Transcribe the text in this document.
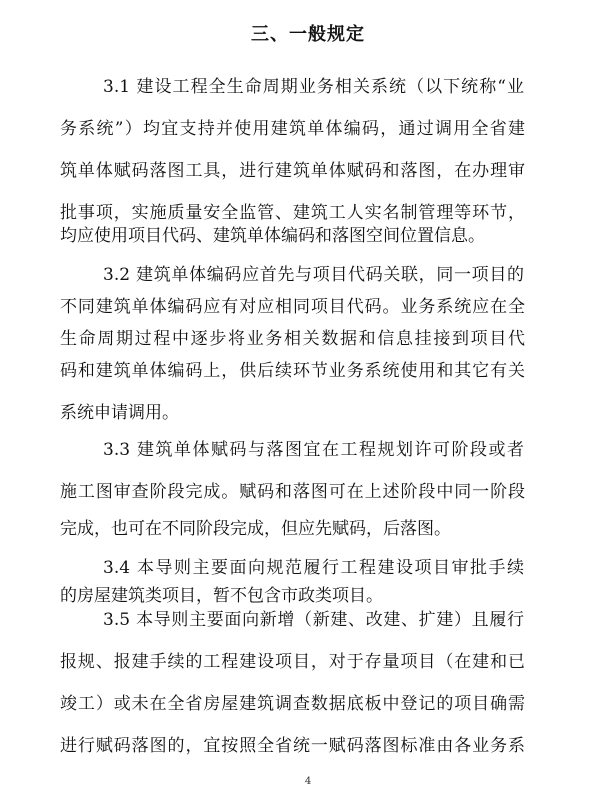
三、一般规定

3.1 建设工程全生命周期业务相关系统（以下统称“业

务系统”）均宜支持并使用建筑单体编码，通过调用全省建

筑单体赋码落图工具，进行建筑单体赋码和落图，在办理审

批事项，实施质量安全监管、建筑工人实名制管理等环节，

均应使用项目代码、建筑单体编码和落图空间位置信息。

3.2 建筑单体编码应首先与项目代码关联，同一项目的

不同建筑单体编码应有对应相同项目代码。业务系统应在全

生命周期过程中逐步将业务相关数据和信息挂接到项目代

码和建筑单体编码上，供后续环节业务系统使用和其它有关

系统申请调用。

3.3 建筑单体赋码与落图宜在工程规划许可阶段或者

施工图审查阶段完成。赋码和落图可在上述阶段中同一阶段

完成，也可在不同阶段完成，但应先赋码，后落图。

3.4 本导则主要面向规范履行工程建设项目审批手续

的房屋建筑类项目，暂不包含市政类项目。

3.5 本导则主要面向新增（新建、改建、扩建）且履行

报规、报建手续的工程建设项目，对于存量项目（在建和已

竣工）或未在全省房屋建筑调查数据底板中登记的项目确需

进行赋码落图的，宜按照全省统一赋码落图标准由各业务系

4
